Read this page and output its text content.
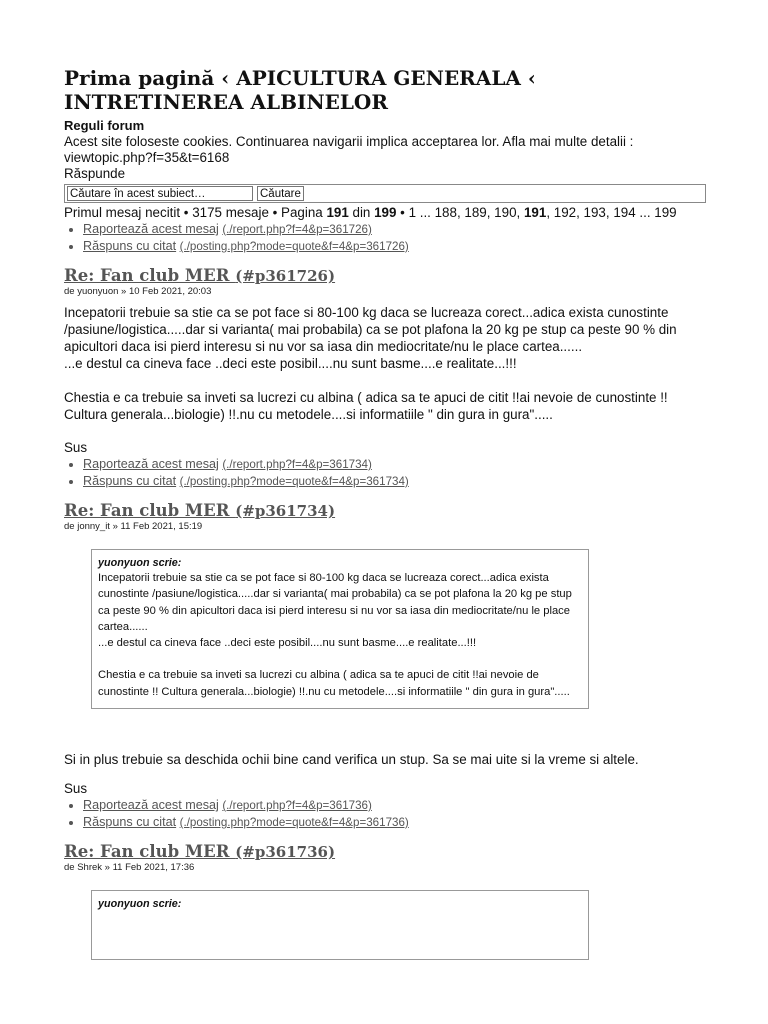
Prima pagină ‹ APICULTURA GENERALA ‹ INTRETINEREA ALBINELOR
Reguli forum
Acest site foloseste cookies. Continuarea navigarii implica acceptarea lor. Afla mai multe detalii : viewtopic.php?f=35&t=6168
Răspunde
Căutare în acest subiect…	Căutare
Primul mesaj necitit • 3175 mesaje • Pagina 191 din 199 • 1 ... 188, 189, 190, 191, 192, 193, 194 ... 199
• Raportează acest mesaj (./report.php?f=4&p=361726)
• Răspuns cu citat (./posting.php?mode=quote&f=4&p=361726)
Re: Fan club MER (#p361726)
de yuonyuon » 10 Feb 2021, 20:03

Incepatorii trebuie sa stie ca se pot face si 80-100 kg daca se lucreaza corect...adica exista cunostinte /pasiune/logistica.....dar si varianta( mai probabila) ca se pot plafona la 20 kg pe stup ca peste 90 % din apicultori daca isi pierd interesu si nu vor sa iasa din mediocritate/nu le place cartea......

...e destul ca cineva face ..deci este posibil....nu sunt basme....e realitate...!!!

Chestia e ca trebuie sa inveti sa lucrezi cu albina ( adica sa te apuci de citit !!ai nevoie de cunostinte !! Cultura generala...biologie) !!.nu cu metodele....si informatiile " din gura in gura".....

Sus
• Raportează acest mesaj (./report.php?f=4&p=361734)
• Răspuns cu citat (./posting.php?mode=quote&f=4&p=361734)
Re: Fan club MER (#p361734)
de jonny_it » 11 Feb 2021, 15:19
yuonyuon scrie:

Incepatorii trebuie sa stie ca se pot face si 80-100 kg daca se lucreaza corect...adica exista cunostinte /pasiune/logistica.....dar si varianta( mai probabila) ca se pot plafona la 20 kg pe stup ca peste 90 % din apicultori daca isi pierd interesu si nu vor sa iasa din mediocritate/nu le place cartea......

...e destul ca cineva face ..deci este posibil....nu sunt basme....e realitate...!!!

Chestia e ca trebuie sa inveti sa lucrezi cu albina ( adica sa te apuci de citit !!ai nevoie de cunostinte !! Cultura generala...biologie) !!.nu cu metodele....si informatiile " din gura in gura".....

Si in plus trebuie sa deschida ochii bine cand verifica un stup. Sa se mai uite si la vreme si altele.

Sus
• Raportează acest mesaj (./report.php?f=4&p=361736)
• Răspuns cu citat (./posting.php?mode=quote&f=4&p=361736)
Re: Fan club MER (#p361736)
de Shrek » 11 Feb 2021, 17:36
yuonyuon scrie:
